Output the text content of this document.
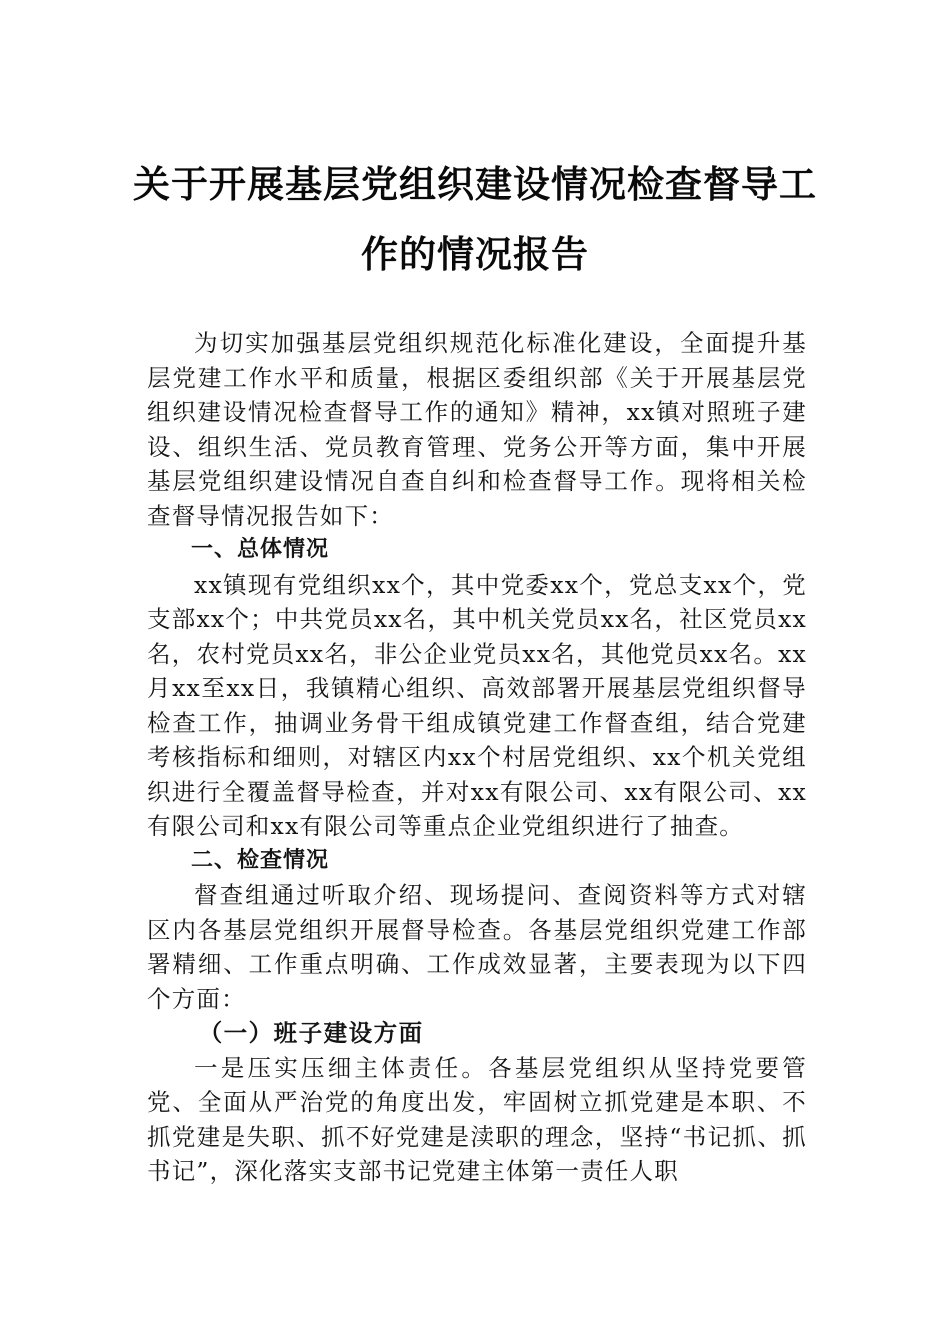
关于开展基层党组织建设情况检查督导工
作的情况报告

为切实加强基层党组织规范化标准化建设，全面提升基层党建工作水平和质量，根据区委组织部《关于开展基层党组织建设情况检查督导工作的通知》精神，xx镇对照班子建设、组织生活、党员教育管理、党务公开等方面，集中开展基层党组织建设情况自查自纠和检查督导工作。现将相关检查督导情况报告如下：

一、总体情况

xx镇现有党组织xx个，其中党委xx个，党总支xx个，党支部xx个；中共党员xx名，其中机关党员xx名，社区党员xx名，农村党员xx名，非公企业党员xx名，其他党员xx名。xx月xx至xx日，我镇精心组织、高效部署开展基层党组织督导检查工作，抽调业务骨干组成镇党建工作督查组，结合党建考核指标和细则，对辖区内xx个村居党组织、xx个机关党组织进行全覆盖督导检查，并对xx有限公司、xx有限公司、xx有限公司和xx有限公司等重点企业党组织进行了抽查。

二、检查情况

督查组通过听取介绍、现场提问、查阅资料等方式对辖区内各基层党组织开展督导检查。各基层党组织党建工作部署精细、工作重点明确、工作成效显著，主要表现为以下四个方面：

（一）班子建设方面

一是压实压细主体责任。各基层党组织从坚持党要管党、全面从严治党的角度出发，牢固树立抓党建是本职、不抓党建是失职、抓不好党建是渎职的理念，坚持“书记抓、抓书记”，深化落实支部书记党建主体第一责任人职
